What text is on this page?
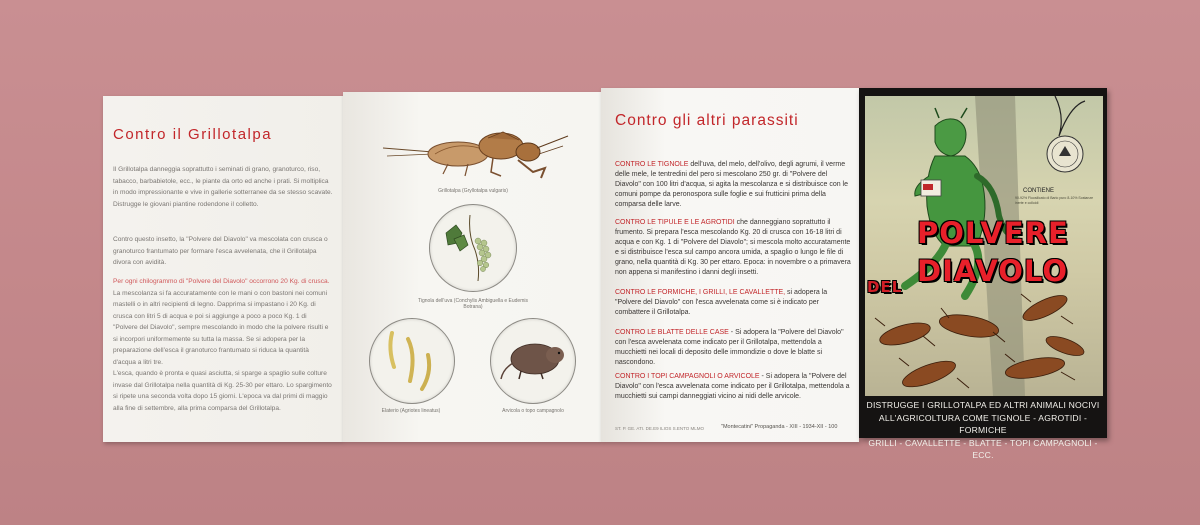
Contro il Grillotalpa

Il Grillotalpa danneggia soprattutto i seminati di grano, granoturco, riso, tabacco, barbabietole, ecc., le piante da orto ed anche i prati. Si moltiplica in modo impressionante e vive in gallerie sotterranee da se stesso scavate. Distrugge le giovani piantine rodendone il colletto.

Contro questo insetto, la "Polvere del Diavolo" va mescolata con crusca o granoturco frantumato per formare l'esca avvelenata, che il Grillotalpa divora con avidità.

Per ogni chilogrammo di "Polvere del Diavolo" occorrono 20 Kg. di crusca. La mescolanza si fa accuratamente con le mani o con bastoni nei comuni mastelli o in altri recipienti di legno. Dapprima si impastano i 20 Kg. di crusca con litri 5 di acqua e poi si aggiunge a poco a poco Kg. 1 di "Polvere del Diavolo", sempre mescolando in modo che la polvere risulti e si incorpori uniformemente su tutta la massa. Se si adopera per la preparazione dell'esca il granoturco frantumato si riduca la quantità d'acqua a litri tre.

L'esca, quando è pronta e quasi asciutta, si sparge a spaglio sulle colture invase dal Grillotalpa nella quantità di Kg. 25-30 per ettaro. Lo spargimento si ripete una seconda volta dopo 15 giorni. L'epoca va dal primi di maggio alla fine di settembre, alla prima comparsa del Grillotalpa.

Grillotalpa (Gryllotalpa vulgaris)
Tignola dell'uva (Conchylis Ambiguella e Eudemis Botrana)
Elaterio (Agriotes lineatus)	Arvicola o topo campagnolo
Contro gli altri parassiti

CONTRO LE TIGNOLE dell'uva, del melo, dell'olivo, degli agrumi, il verme delle mele, le tentredini del pero si mescolano 250 gr. di "Polvere del Diavolo" con 100 litri d'acqua, si agita la mescolanza e si distribuisce con le comuni pompe da peronospora sulle foglie e sui frutticini prima della comparsa delle larve.

CONTRO LE TIPULE E LE AGROTIDI che danneggiano soprattutto il frumento. Si prepara l'esca mescolando Kg. 20 di crusca con 16-18 litri di acqua e con Kg. 1 di "Polvere del Diavolo"; si mescola molto accuratamente e si distribuisce l'esca sul campo ancora umida, a spaglio o lungo le file di grano, nella quantità di Kg. 30 per ettaro. Epoca: in novembre o a primavera non appena si manifestino i danni degli insetti.

CONTRO LE FORMICHE, I GRILLI, LE CAVALLETTE, si adopera la "Polvere del Diavolo" con l'esca avvelenata come si è indicato per combattere il Grillotalpa.

CONTRO LE BLATTE DELLE CASE - Si adopera la "Polvere del Diavolo" con l'esca avvelenata come indicato per il Grillotalpa, mettendola a mucchietti nei locali di deposito delle immondizie o dove le blatte si nascondono.

CONTRO I TOPI CAMPAGNOLI O ARVICOLE - Si adopera la "Polvere del Diavolo" con l'esca avvelenata come indicato per il Grillotalpa, mettendola a mucchietti sui campi danneggiati vicino ai nidi delle arvicole.

ST. P. GE. ATI. DE.E9 ILIOS S.ENTO MLMO	"Montecatini" Propaganda - XIII - 1934-XII - 100
CONTIENE
90-92% Fluosilicato di Bario puro 8-10% Sostanze inerte e colloidi
POLVERE
DIAVOLO
DEL
DISTRUGGE I GRILLOTALPA ED ALTRI ANIMALI NOCIVI
ALL'AGRICOLTURA COME TIGNOLE - AGROTIDI - FORMICHE
GRILLI - CAVALLETTE - BLATTE - TOPI CAMPAGNOLI - ECC.
